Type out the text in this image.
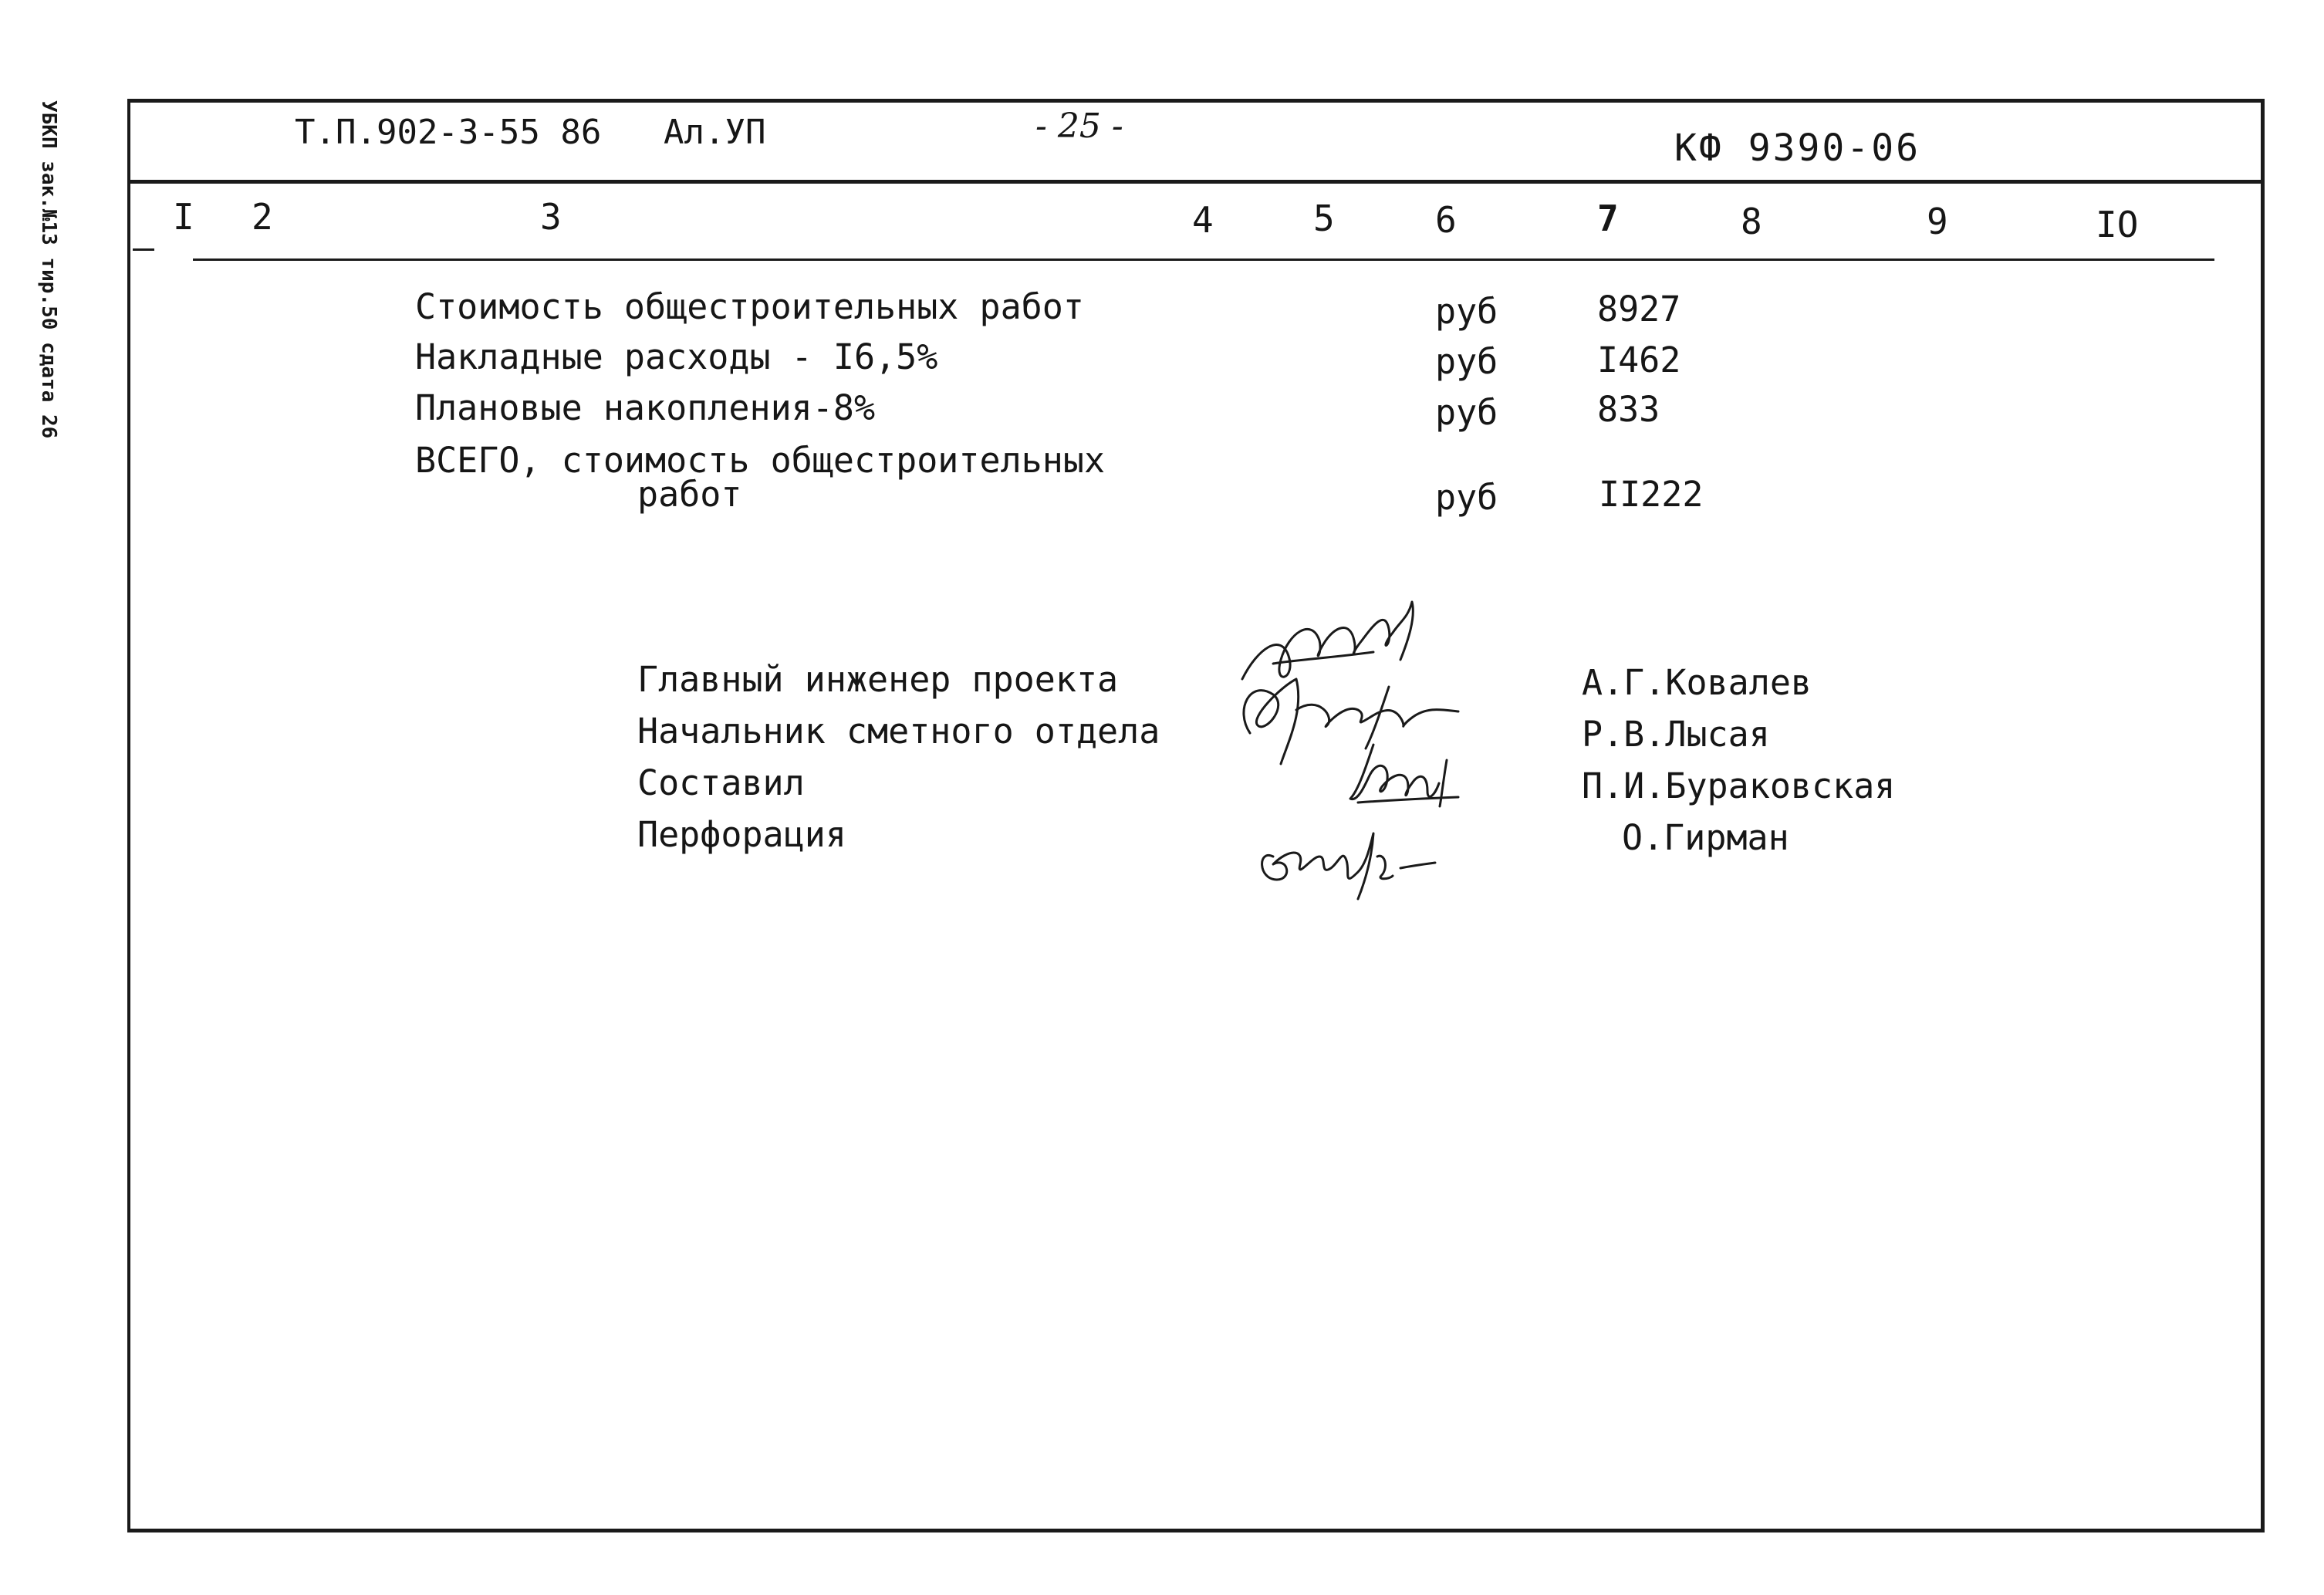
УБКП зак.№13 тир.50 сдата 26	Т.П.902-3-55 86 Ал.УП	- 25 -
КФ 9390-06
I 2	3	4	5	6	7	8	9	IO
Стоимость общестроительных работ	руб	8927
Накладные расходы - I6,5%	руб	I462
Плановые накопления-8%	руб	833
ВСЕГО, стоимость общестроительных
работ	руб	II222
Главный инженер проекта	А.Г.Ковалев
Начальник сметного отдела	Р.В.Лысая
Составил	П.И.Бураковская
Перфорация	О.Гирман
